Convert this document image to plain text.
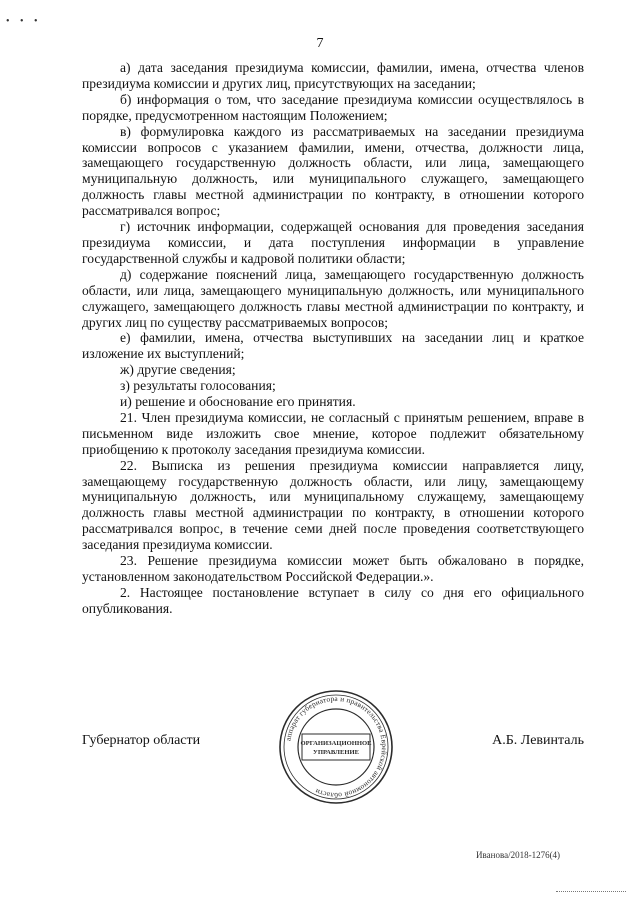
• • •
7

а) дата заседания президиума комиссии, фамилии, имена, отчества членов президиума комиссии и других лиц, присутствующих на заседании;

б) информация о том, что заседание президиума комиссии осуществлялось в порядке, предусмотренном настоящим Положением;

в) формулировка каждого из рассматриваемых на заседании президиума комиссии вопросов с указанием фамилии, имени, отчества, должности лица, замещающего государственную должность области, или лица, замещающего муниципальную должность, или муниципального служащего, замещающего должность главы местной администрации по контракту, в отношении которого рассматривался вопрос;

г) источник информации, содержащей основания для проведения заседания президиума комиссии, и дата поступления информации в управление государственной службы и кадровой политики области;

д) содержание пояснений лица, замещающего государственную должность области, или лица, замещающего муниципальную должность, или муниципального служащего, замещающего должность главы местной администрации по контракту, и других лиц по существу рассматриваемых вопросов;

е) фамилии, имена, отчества выступивших на заседании лиц и краткое изложение их выступлений;

ж) другие сведения;

з) результаты голосования;

и) решение и обоснование его принятия.

21. Член президиума комиссии, не согласный с принятым решением, вправе в письменном виде изложить свое мнение, которое подлежит обязательному приобщению к протоколу заседания президиума комиссии.

22. Выписка из решения президиума комиссии направляется лицу, замещающему государственную должность области, или лицу, замещающему муниципальную должность, или муниципальному служащему, замещающему должность главы местной администрации по контракту, в отношении которого рассматривался вопрос, в течение семи дней после проведения соответствующего заседания президиума комиссии.

23. Решение президиума комиссии может быть обжаловано в порядке, установленном законодательством Российской Федерации.».

2. Настоящее постановление вступает в силу со дня его официального опубликования.

Губернатор области	аппарат губернатора и правительства Еврейской автономной области
ОРГАНИЗАЦИОННОЕ
УПРАВЛЕНИЕ
А.Б. Левинталь
Иванова/2018-1276(4)
